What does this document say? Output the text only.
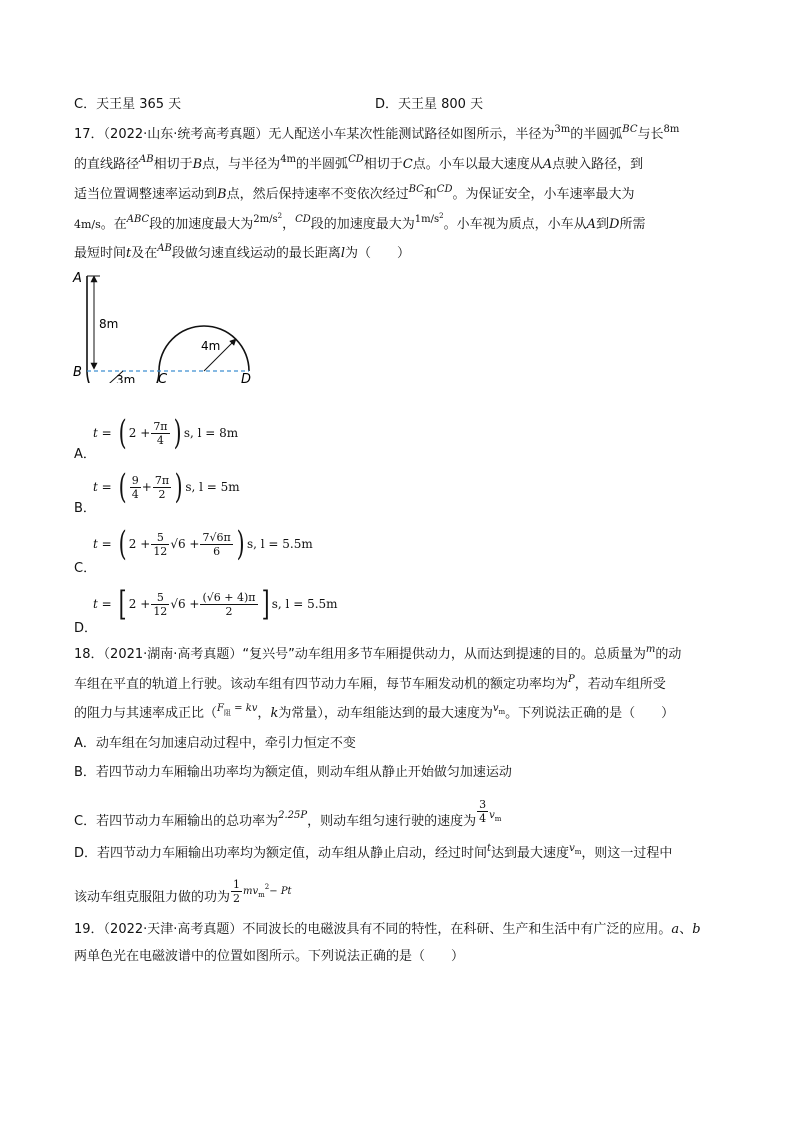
C．天王星 365 天	D．天王星 800 天
17．（2022·山东·统考高考真题）无人配送小车某次性能测试路径如图所示，半径为$^{3m}$的半圆弧$^{BC}$与长$^{8m}$
的直线路径$^{AB}$相切于B点，与半径为$^{4m}$的半圆弧$^{CD}$相切于C点。小车以最大速度从A点驶入路径，到
适当位置调整速率运动到B点，然后保持速率不变依次经过$^{BC}$和$^{CD}$。为保证安全，小车速率最大为
4m/s。在$^{ABC}$段的加速度最大为$^{2m/s2}$，$^{CD}$段的加速度最大为$^{1m/s2}$。小车视为质点，小车从A到D所需
最短时间t及在$^{AB}$段做匀速直线运动的最长距离l为（　　）
A
B	C	D
8m
3m
4m
t =
( $2 + \frac{7\pi}{4}$ ) s, l = 8m
A．
t =
( $\frac{9}{4} + \frac{7\pi}{2}$ ) s, l = 5m
B．
t =
( $2 + \frac{5}{12} √6 + \frac{7√6\pi}{6}$ ) s, l = 5.5m
C．
t =
[ $2 + \frac{5}{12} √6 + \frac{(√6 + 4)\pi}{2}$ ] s, l = 5.5m
D．
18．（2021·湖南·高考真题）“复兴号”动车组用多节车厢提供动力，从而达到提速的目的。总质量为$^m$的动
车组在平直的轨道上行驶。该动车组有四节动力车厢，每节车厢发动机的额定功率均为$^P$，若动车组所受
的阻力与其速率成正比（$^F$阻 $^{= kv}$，k为常量），动车组能达到的最大速度为$^{vm}$。下列说法正确的是（　　）
A．动车组在匀加速启动过程中，牵引力恒定不变
B．若四节动力车厢输出功率均为额定值，则动车组从静止开始做匀加速运动
C．若四节动力车厢输出的总功率为 2.25P ，则动车组匀速行驶的速度为 $\frac{3}{4}$ v m
D．若四节动力车厢输出功率均为额定值，动车组从静止启动，经过时间$^t$达到最大速度$^{vm}$，则这一过程中
该动车组克服阻力做的功为 $\frac{1}{2}$ mv m
2 − Pt
19．（2022·天津·高考真题）不同波长的电磁波具有不同的特性，在科研、生产和生活中有广泛的应用。a、b
两单色光在电磁波谱中的位置如图所示。下列说法正确的是（　　）
